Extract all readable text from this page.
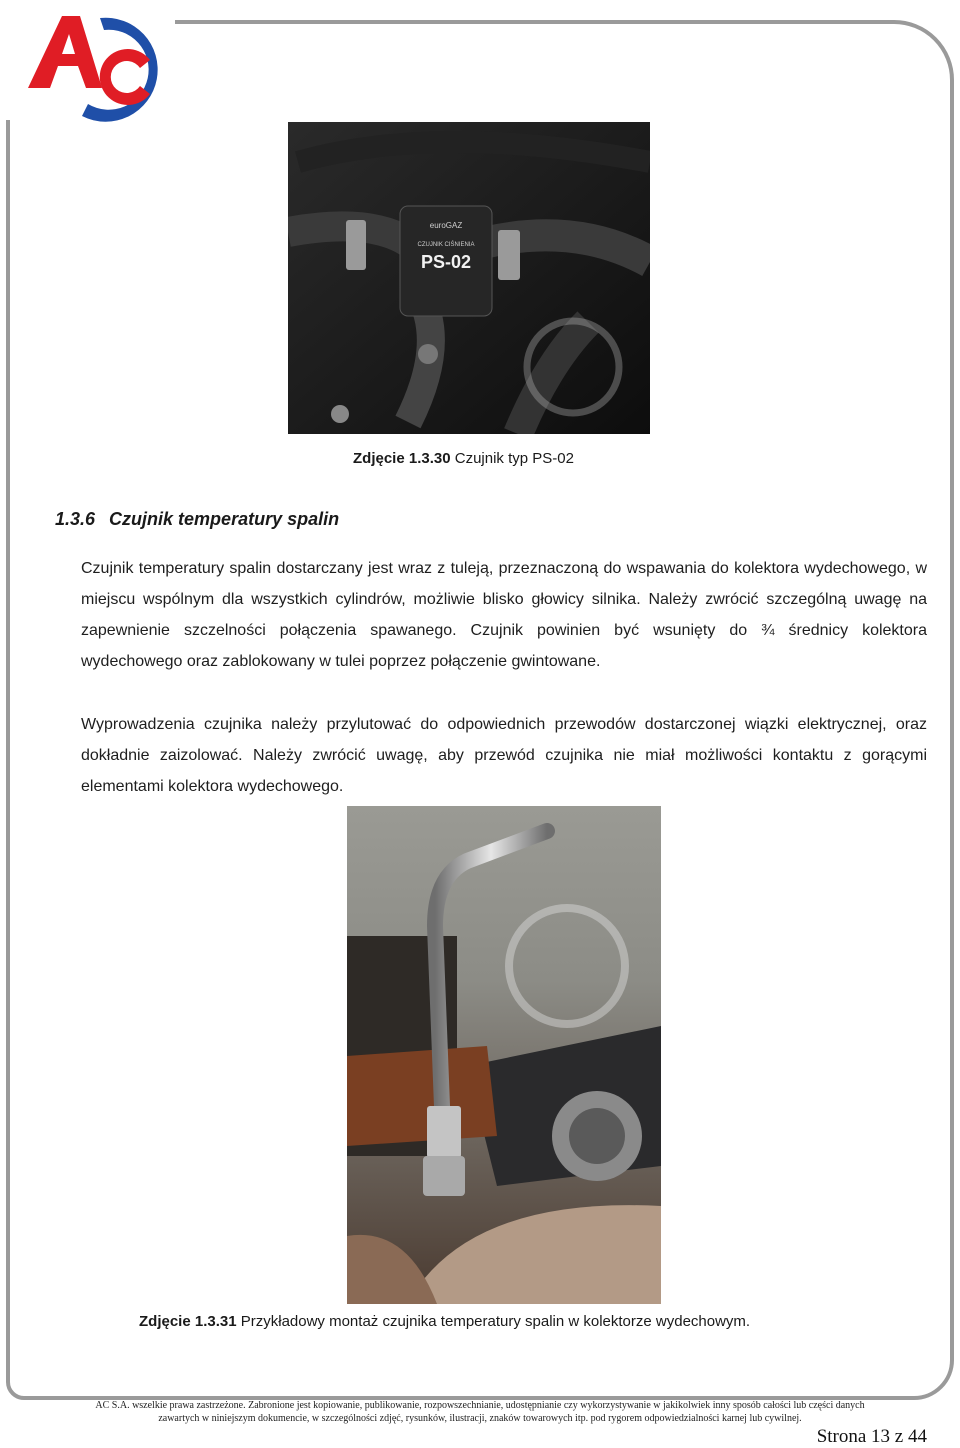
euroGAZ
CZUJNIK CIŚNIENIA
PS-02
Zdjęcie 1.3.30 Czujnik typ PS-02
1.3.6 Czujnik temperatury spalin
Czujnik temperatury spalin dostarczany jest wraz z tuleją, przeznaczoną do wspawania do kolektora wydechowego, w miejscu wspólnym dla wszystkich cylindrów, możliwie blisko głowicy silnika. Należy zwrócić szczególną uwagę na zapewnienie szczelności połączenia spawanego. Czujnik powinien być wsunięty do ¾ średnicy kolektora wydechowego oraz zablokowany w tulei poprzez połączenie gwintowane.
Wyprowadzenia czujnika należy przylutować do odpowiednich przewodów dostarczonej wiązki elektrycznej, oraz dokładnie zaizolować. Należy zwrócić uwagę, aby przewód czujnika nie miał możliwości kontaktu z gorącymi elementami kolektora wydechowego.
Zdjęcie 1.3.31 Przykładowy montaż czujnika temperatury spalin w kolektorze wydechowym.
AC S.A. wszelkie prawa zastrzeżone. Zabronione jest kopiowanie, publikowanie, rozpowszechnianie, udostępnianie czy wykorzystywanie w jakikolwiek inny sposób całości lub części danych
zawartych w niniejszym dokumencie, w szczególności zdjęć, rysunków, ilustracji, znaków towarowych itp. pod rygorem odpowiedzialności karnej lub cywilnej.
Strona 13 z 44
